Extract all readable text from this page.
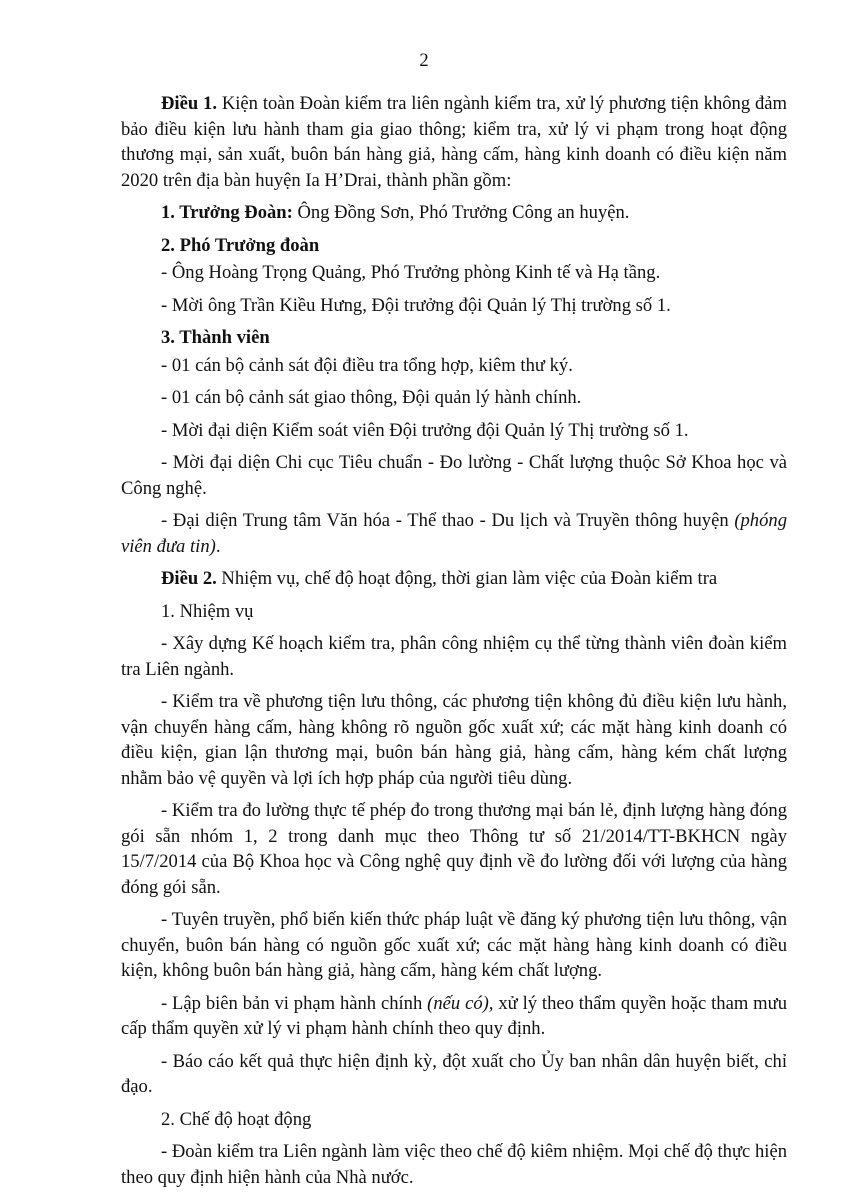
2

Điều 1. Kiện toàn Đoàn kiểm tra liên ngành kiểm tra, xử lý phương tiện không đảm bảo điều kiện lưu hành tham gia giao thông; kiểm tra, xử lý vi phạm trong hoạt động thương mại, sản xuất, buôn bán hàng giả, hàng cấm, hàng kinh doanh có điều kiện năm 2020 trên địa bàn huyện Ia H’Drai, thành phần gồm:

1. Trưởng Đoàn: Ông Đồng Sơn, Phó Trưởng Công an huyện.

2. Phó Trưởng đoàn

- Ông Hoàng Trọng Quảng, Phó Trưởng phòng Kinh tế và Hạ tầng.

- Mời ông Trần Kiều Hưng, Đội trưởng đội Quản lý Thị trường số 1.

3. Thành viên

- 01 cán bộ cảnh sát đội điều tra tổng hợp, kiêm thư ký.

- 01 cán bộ cảnh sát giao thông, Đội quản lý hành chính.

- Mời đại diện Kiểm soát viên Đội trưởng đội Quản lý Thị trường số 1.

- Mời đại diện Chi cục Tiêu chuẩn - Đo lường - Chất lượng thuộc Sở Khoa học và Công nghệ.

- Đại diện Trung tâm Văn hóa - Thể thao - Du lịch và Truyền thông huyện (phóng viên đưa tin).

Điều 2. Nhiệm vụ, chế độ hoạt động, thời gian làm việc của Đoàn kiểm tra

1. Nhiệm vụ

- Xây dựng Kế hoạch kiểm tra, phân công nhiệm cụ thể từng thành viên đoàn kiểm tra Liên ngành.

- Kiểm tra về phương tiện lưu thông, các phương tiện không đủ điều kiện lưu hành, vận chuyển hàng cấm, hàng không rõ nguồn gốc xuất xứ; các mặt hàng kinh doanh có điều kiện, gian lận thương mại, buôn bán hàng giả, hàng cấm, hàng kém chất lượng nhằm bảo vệ quyền và lợi ích hợp pháp của người tiêu dùng.

- Kiểm tra đo lường thực tế phép đo trong thương mại bán lẻ, định lượng hàng đóng gói sẵn nhóm 1, 2 trong danh mục theo Thông tư số 21/2014/TT-BKHCN ngày 15/7/2014 của Bộ Khoa học và Công nghệ quy định về đo lường đối với lượng của hàng đóng gói sẵn.

- Tuyên truyền, phổ biến kiến thức pháp luật về đăng ký phương tiện lưu thông, vận chuyển, buôn bán hàng có nguồn gốc xuất xứ; các mặt hàng hàng kinh doanh có điều kiện, không buôn bán hàng giả, hàng cấm, hàng kém chất lượng.

- Lập biên bản vi phạm hành chính (nếu có), xử lý theo thẩm quyền hoặc tham mưu cấp thẩm quyền xử lý vi phạm hành chính theo quy định.

- Báo cáo kết quả thực hiện định kỳ, đột xuất cho Ủy ban nhân dân huyện biết, chỉ đạo.

2. Chế độ hoạt động

- Đoàn kiểm tra Liên ngành làm việc theo chế độ kiêm nhiệm. Mọi chế độ thực hiện theo quy định hiện hành của Nhà nước.
